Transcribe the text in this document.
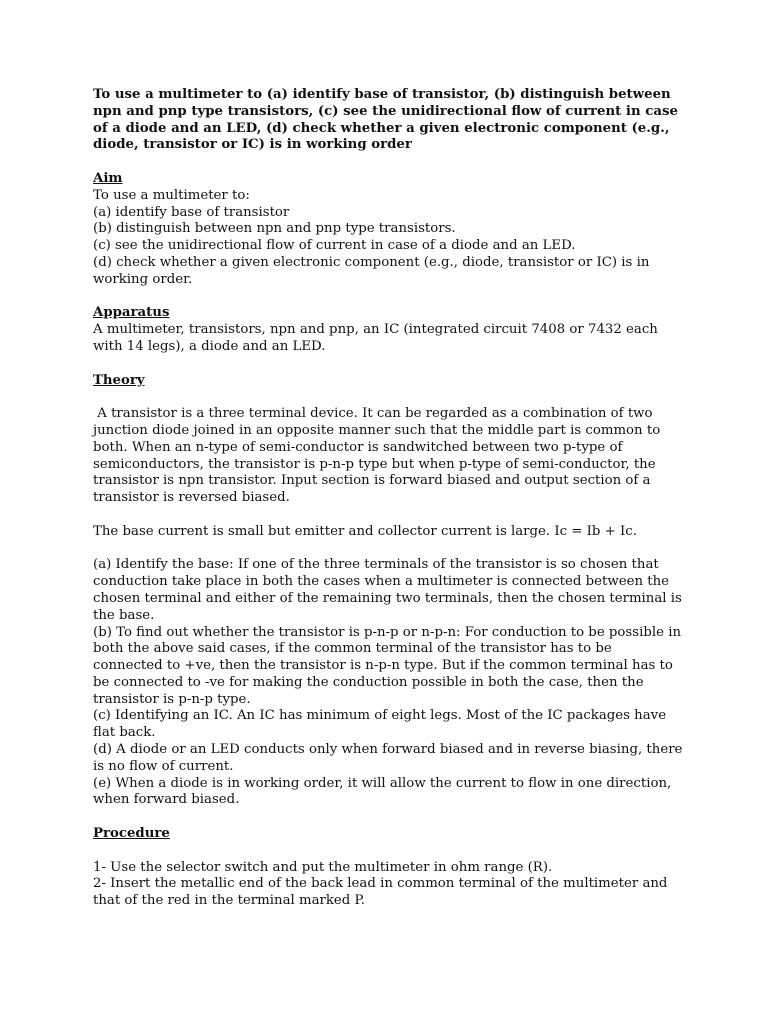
To use a multimeter to (a) identify base of transistor, (b) distinguish between npn and pnp type transistors, (c) see the unidirectional flow of current in case of a diode and an LED, (d) check whether a given electronic component (e.g., diode, transistor or IC) is in working order

Aim

To use a multimeter to:

(a) identify base of transistor

(b) distinguish between npn and pnp type transistors.

(c) see the unidirectional flow of current in case of a diode and an LED.

(d) check whether a given electronic component (e.g., diode, transistor or IC) is in working order.

Apparatus

A multimeter, transistors, npn and pnp, an IC (integrated circuit 7408 or 7432 each with 14 legs), a diode and an LED.

Theory

A transistor is a three terminal device. It can be regarded as a combination of two junction diode joined in an opposite manner such that the middle part is common to both. When an n-type of semi-conductor is sandwitched between two p-type of semiconductors, the transistor is p-n-p type but when p-type of semi-conductor, the transistor is npn transistor. Input section is forward biased and output section of a transistor is reversed biased.

The base current is small but emitter and collector current is large. Ic = Ib + Ic.

(a) Identify the base: If one of the three terminals of the transistor is so chosen that conduction take place in both the cases when a multimeter is connected between the chosen terminal and either of the remaining two terminals, then the chosen terminal is the base.

(b) To find out whether the transistor is p-n-p or n-p-n: For conduction to be possible in both the above said cases, if the common terminal of the transistor has to be

connected to +ve, then the transistor is n-p-n type. But if the common terminal has to be connected to -ve for making the conduction possible in both the case, then the transistor is p-n-p type.

(c) Identifying an IC. An IC has minimum of eight legs. Most of the IC packages have flat back.

(d) A diode or an LED conducts only when forward biased and in reverse biasing, there is no flow of current.

(e) When a diode is in working order, it will allow the current to flow in one direction, when forward biased.

Procedure

1- Use the selector switch and put the multimeter in ohm range (R).

2- Insert the metallic end of the back lead in common terminal of the multimeter and that of the red in the terminal marked P.
